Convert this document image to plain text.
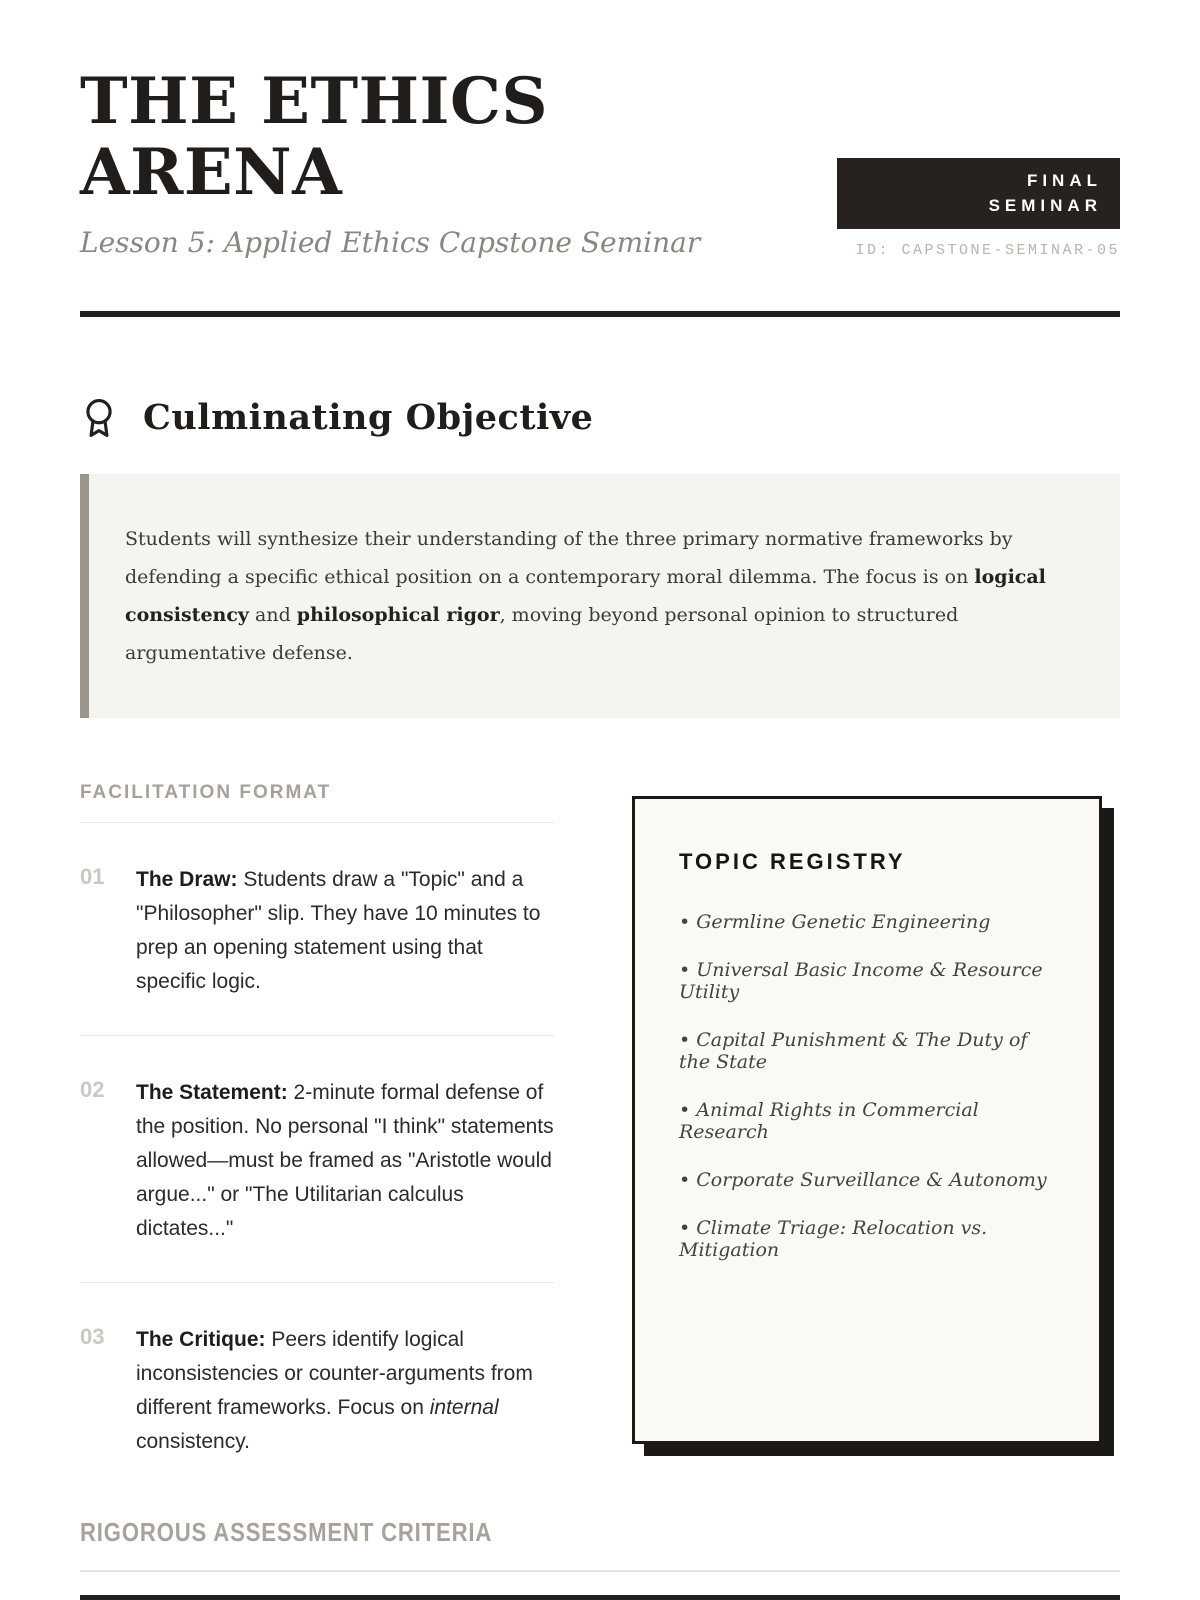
THE ETHICS
ARENA

Lesson 5: Applied Ethics Capstone Seminar

FINAL
SEMINAR
ID: CAPSTONE-SEMINAR-05
Culminating Objective
Students will synthesize their understanding of the three primary normative frameworks by defending a specific ethical position on a contemporary moral dilemma. The focus is on logical consistency and philosophical rigor, moving beyond personal opinion to structured argumentative defense.
FACILITATION FORMAT
01	The Draw: Students draw a "Topic" and a "Philosopher" slip. They have 10 minutes to prep an opening statement using that specific logic.
02	The Statement: 2-minute formal defense of the position. No personal "I think" statements allowed—must be framed as "Aristotle would argue..." or "The Utilitarian calculus dictates..."
03	The Critique: Peers identify logical inconsistencies or counter-arguments from different frameworks. Focus on internal consistency.
TOPIC REGISTRY
• Germline Genetic Engineering
• Universal Basic Income & Resource Utility
• Capital Punishment & The Duty of the State
• Animal Rights in Commercial Research
• Corporate Surveillance & Autonomy
• Climate Triage: Relocation vs. Mitigation
RIGOROUS ASSESSMENT CRITERIA
